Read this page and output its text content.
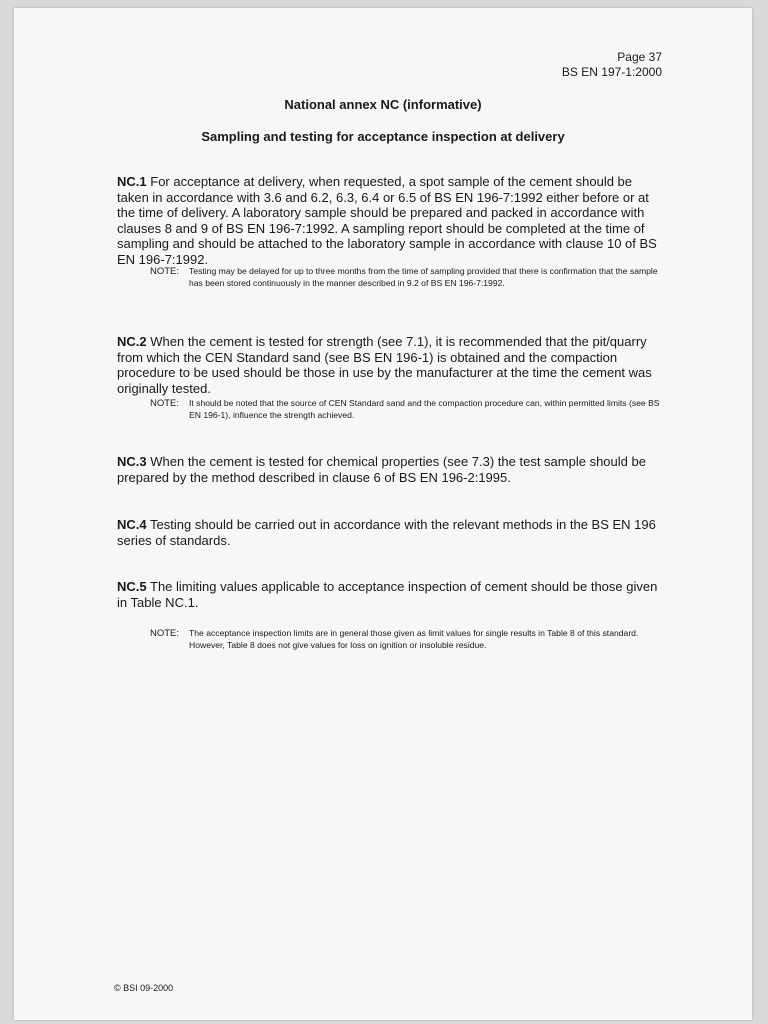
Page 37
BS EN 197-1:2000
National annex NC (informative)
Sampling and testing for acceptance inspection at delivery
NC.1 For acceptance at delivery, when requested, a spot sample of the cement should be taken in accordance with 3.6 and 6.2, 6.3, 6.4 or 6.5 of BS EN 196-7:1992 either before or at the time of delivery. A laboratory sample should be prepared and packed in accordance with clauses 8 and 9 of BS EN 196-7:1992. A sampling report should be completed at the time of sampling and should be attached to the laboratory sample in accordance with clause 10 of BS EN 196-7:1992.
NOTE:	Testing may be delayed for up to three months from the time of sampling provided that there is confirmation that the sample has been stored continuously in the manner described in 9.2 of BS EN 196-7:1992.
NC.2 When the cement is tested for strength (see 7.1), it is recommended that the pit/quarry from which the CEN Standard sand (see BS EN 196-1) is obtained and the compaction procedure to be used should be those in use by the manufacturer at the time the cement was originally tested.
NOTE:	It should be noted that the source of CEN Standard sand and the compaction procedure can, within permitted limits (see BS EN 196-1), influence the strength achieved.
NC.3 When the cement is tested for chemical properties (see 7.3) the test sample should be prepared by the method described in clause 6 of BS EN 196-2:1995.
NC.4 Testing should be carried out in accordance with the relevant methods in the BS EN 196 series of standards.
NC.5 The limiting values applicable to acceptance inspection of cement should be those given in Table NC.1.
NOTE:	The acceptance inspection limits are in general those given as limit values for single results in Table 8 of this standard. However, Table 8 does not give values for loss on ignition or insoluble residue.
© BSI 09-2000
